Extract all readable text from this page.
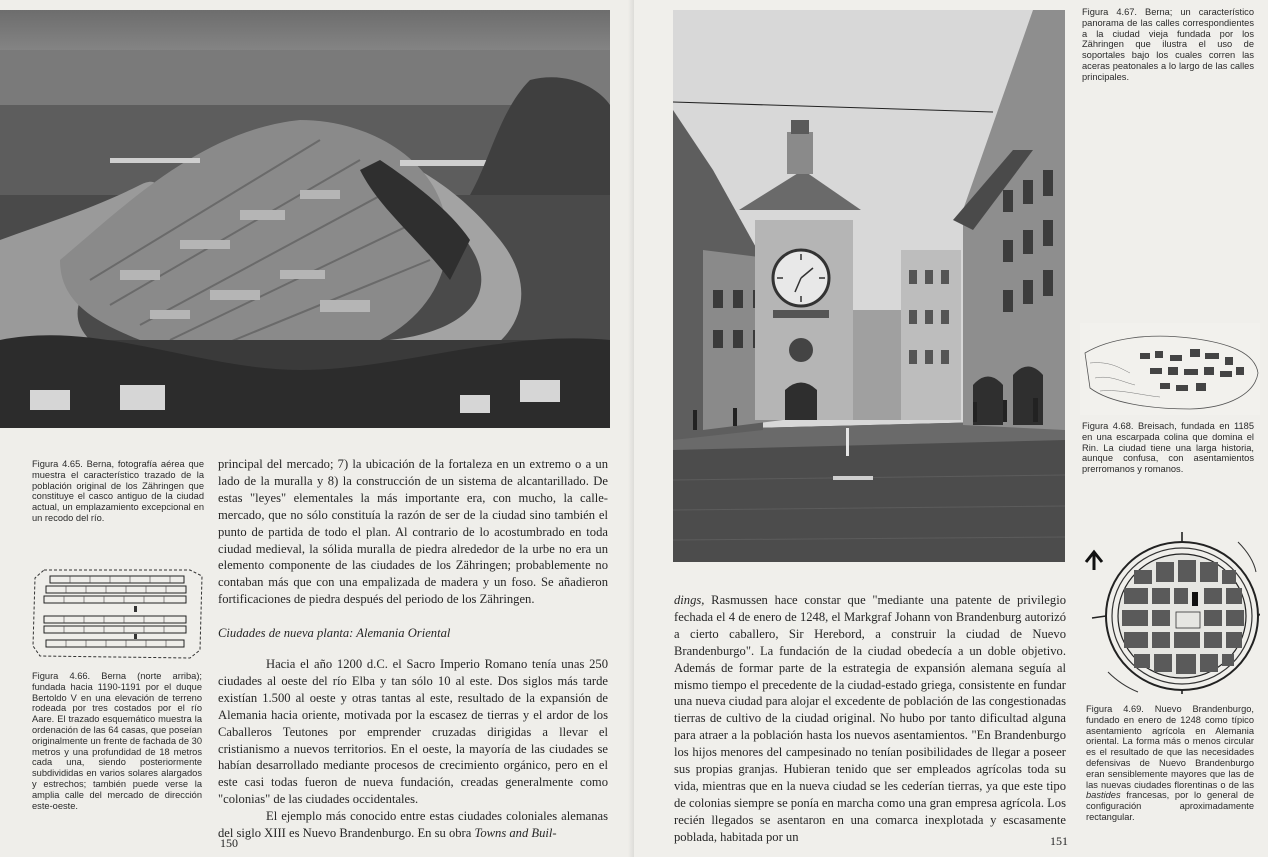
Figura 4.65. Berna, fotografía aérea que muestra el característico trazado de la población original de los Zähringen que constituye el casco antiguo de la ciudad actual, un emplazamiento excepcional en un recodo del río.
Figura 4.66. Berna (norte arriba); fundada hacia 1190-1191 por el duque Bertoldo V en una elevación de terreno rodeada por tres costados por el río Aare. El trazado esquemático muestra la ordenación de las 64 casas, que poseían originalmente un frente de fachada de 30 metros y una profundidad de 18 metros cada una, siendo posteriormente subdivididas en varios solares alargados y estrechos; también puede verse la amplia calle del mercado de dirección este-oeste.

principal del mercado; 7) la ubicación de la fortaleza en un extremo o a un lado de la muralla y 8) la construcción de un sistema de alcantarillado. De estas "leyes" elementales la más importante era, con mucho, la calle-mercado, que no sólo constituía la razón de ser de la ciudad sino también el punto de partida de todo el plan. Al contrario de lo acostumbrado en toda ciudad medieval, la sólida muralla de piedra alrededor de la urbe no era un elemento componente de las ciudades de los Zähringen; probablemente no contaban más que con una empalizada de madera y un foso. Se añadieron fortificaciones de piedra después del periodo de los Zähringen.

Ciudades de nueva planta: Alemania Oriental

Hacia el año 1200 d.C. el Sacro Imperio Romano tenía unas 250 ciudades al oeste del río Elba y tan sólo 10 al este. Dos siglos más tarde existían 1.500 al oeste y otras tantas al este, resultado de la expansión de Alemania hacia oriente, motivada por la escasez de tierras y el ardor de los Caballeros Teutones por emprender cruzadas dirigidas a llevar el cristianismo a nuevos territorios. En el oeste, la mayoría de las ciudades se habían desarrollado mediante procesos de crecimiento orgánico, pero en el este casi todas fueron de nueva fundación, creadas generalmente como "colonias" de las ciudades occidentales.

El ejemplo más conocido entre estas ciudades coloniales alemanas del siglo XIII es Nuevo Brandenburgo. En su obra Towns and Buil-

150
Figura 4.67. Berna; un característico panorama de las calles correspondientes a la ciudad vieja fundada por los Zähringen que ilustra el uso de soportales bajo los cuales corren las aceras peatonales a lo largo de las calles principales.
Figura 4.68. Breisach, fundada en 1185 en una escarpada colina que domina el Rin. La ciudad tiene una larga historia, aunque confusa, con asentamientos prerromanos y romanos.
Figura 4.69. Nuevo Brandenburgo, fundado en enero de 1248 como típico asentamiento agrícola en Alemania oriental. La forma más o menos circular es el resultado de que las necesidades defensivas de Nuevo Brandenburgo eran sensiblemente mayores que las de las nuevas ciudades florentinas o de las bastides francesas, por lo general de configuración aproximadamente rectangular.

dings, Rasmussen hace constar que "mediante una patente de privilegio fechada el 4 de enero de 1248, el Markgraf Johann von Brandenburg autorizó a cierto caballero, Sir Herebord, a construir la ciudad de Nuevo Brandenburgo". La fundación de la ciudad obedecía a un doble objetivo. Además de formar parte de la estrategia de expansión alemana seguía al mismo tiempo el precedente de la ciudad-estado griega, consistente en fundar una nueva ciudad para alojar el excedente de población de las congestionadas tierras de cultivo de la ciudad original. No hubo por tanto dificultad alguna para atraer a la población hasta los nuevos asentamientos. "En Brandenburgo los hijos menores del campesinado no tenían posibilidades de llegar a poseer sus propias granjas. Hubieran tenido que ser empleados agrícolas toda su vida, mientras que en la nueva ciudad se les cederían tierras, ya que este tipo de colonias siempre se ponía en marcha como una gran empresa agrícola. Los recién llegados se asentaron en una comarca inexplotada y escasamente poblada, habitada por un	151
